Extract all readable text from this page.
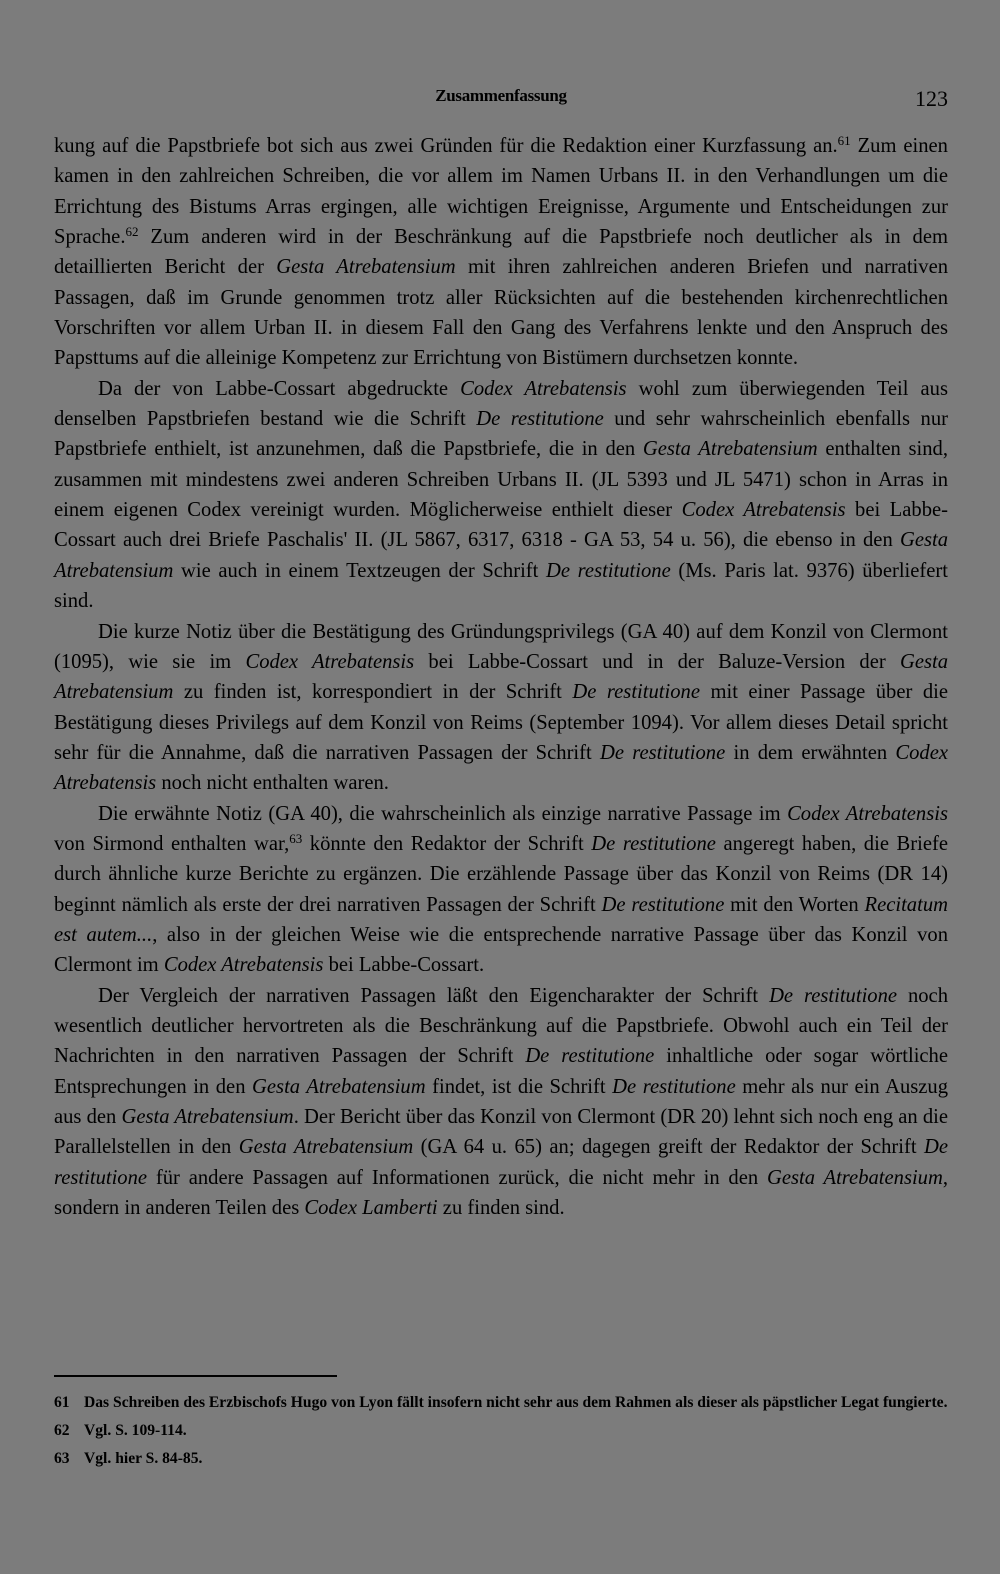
Zusammenfassung	123

kung auf die Papstbriefe bot sich aus zwei Gründen für die Redaktion einer Kurzfassung an.$^{61}$ Zum einen kamen in den zahlreichen Schreiben, die vor allem im Namen Urbans II. in den Verhandlungen um die Errichtung des Bistums Arras ergingen, alle wichtigen Ereignisse, Argumente und Entscheidungen zur Sprache.$^{62}$ Zum anderen wird in der Beschränkung auf die Papstbriefe noch deutlicher als in dem detaillierten Bericht der Gesta Atrebatensium mit ihren zahlreichen anderen Briefen und narrativen Passagen, daß im Grunde genommen trotz aller Rücksichten auf die bestehenden kirchenrechtlichen Vorschriften vor allem Urban II. in diesem Fall den Gang des Verfahrens lenkte und den Anspruch des Papsttums auf die alleinige Kompetenz zur Errichtung von Bistümern durchsetzen konnte.

Da der von Labbe-Cossart abgedruckte Codex Atrebatensis wohl zum überwiegenden Teil aus denselben Papstbriefen bestand wie die Schrift De restitutione und sehr wahrscheinlich ebenfalls nur Papstbriefe enthielt, ist anzunehmen, daß die Papstbriefe, die in den Gesta Atrebatensium enthalten sind, zusammen mit mindestens zwei anderen Schreiben Urbans II. (JL 5393 und JL 5471) schon in Arras in einem eigenen Codex vereinigt wurden. Möglicherweise enthielt dieser Codex Atrebatensis bei Labbe-Cossart auch drei Briefe Paschalis' II. (JL 5867, 6317, 6318 - GA 53, 54 u. 56), die ebenso in den Gesta Atrebatensium wie auch in einem Textzeugen der Schrift De restitutione (Ms. Paris lat. 9376) überliefert sind.

Die kurze Notiz über die Bestätigung des Gründungsprivilegs (GA 40) auf dem Konzil von Clermont (1095), wie sie im Codex Atrebatensis bei Labbe-Cossart und in der Baluze-Version der Gesta Atrebatensium zu finden ist, korrespondiert in der Schrift De restitutione mit einer Passage über die Bestätigung dieses Privilegs auf dem Konzil von Reims (September 1094). Vor allem dieses Detail spricht sehr für die Annahme, daß die narrativen Passagen der Schrift De restitutione in dem erwähnten Codex Atrebatensis noch nicht enthalten waren.

Die erwähnte Notiz (GA 40), die wahrscheinlich als einzige narrative Passage im Codex Atrebatensis von Sirmond enthalten war,$^{63}$ könnte den Redaktor der Schrift De restitutione angeregt haben, die Briefe durch ähnliche kurze Berichte zu ergänzen. Die erzählende Passage über das Konzil von Reims (DR 14) beginnt nämlich als erste der drei narrativen Passagen der Schrift De restitutione mit den Worten Recitatum est autem..., also in der gleichen Weise wie die entsprechende narrative Passage über das Konzil von Clermont im Codex Atrebatensis bei Labbe-Cossart.

Der Vergleich der narrativen Passagen läßt den Eigencharakter der Schrift De restitutione noch wesentlich deutlicher hervortreten als die Beschränkung auf die Papstbriefe. Obwohl auch ein Teil der Nachrichten in den narrativen Passagen der Schrift De restitutione inhaltliche oder sogar wörtliche Entsprechungen in den Gesta Atrebatensium findet, ist die Schrift De restitutione mehr als nur ein Auszug aus den Gesta Atrebatensium. Der Bericht über das Konzil von Clermont (DR 20) lehnt sich noch eng an die Parallelstellen in den Gesta Atrebatensium (GA 64 u. 65) an; dagegen greift der Redaktor der Schrift De restitutione für andere Passagen auf Informationen zurück, die nicht mehr in den Gesta Atrebatensium, sondern in anderen Teilen des Codex Lamberti zu finden sind.

61 Das Schreiben des Erzbischofs Hugo von Lyon fällt insofern nicht sehr aus dem Rahmen als dieser als päpstlicher Legat fungierte.
62 Vgl. S. 109-114.
63 Vgl. hier S. 84-85.
